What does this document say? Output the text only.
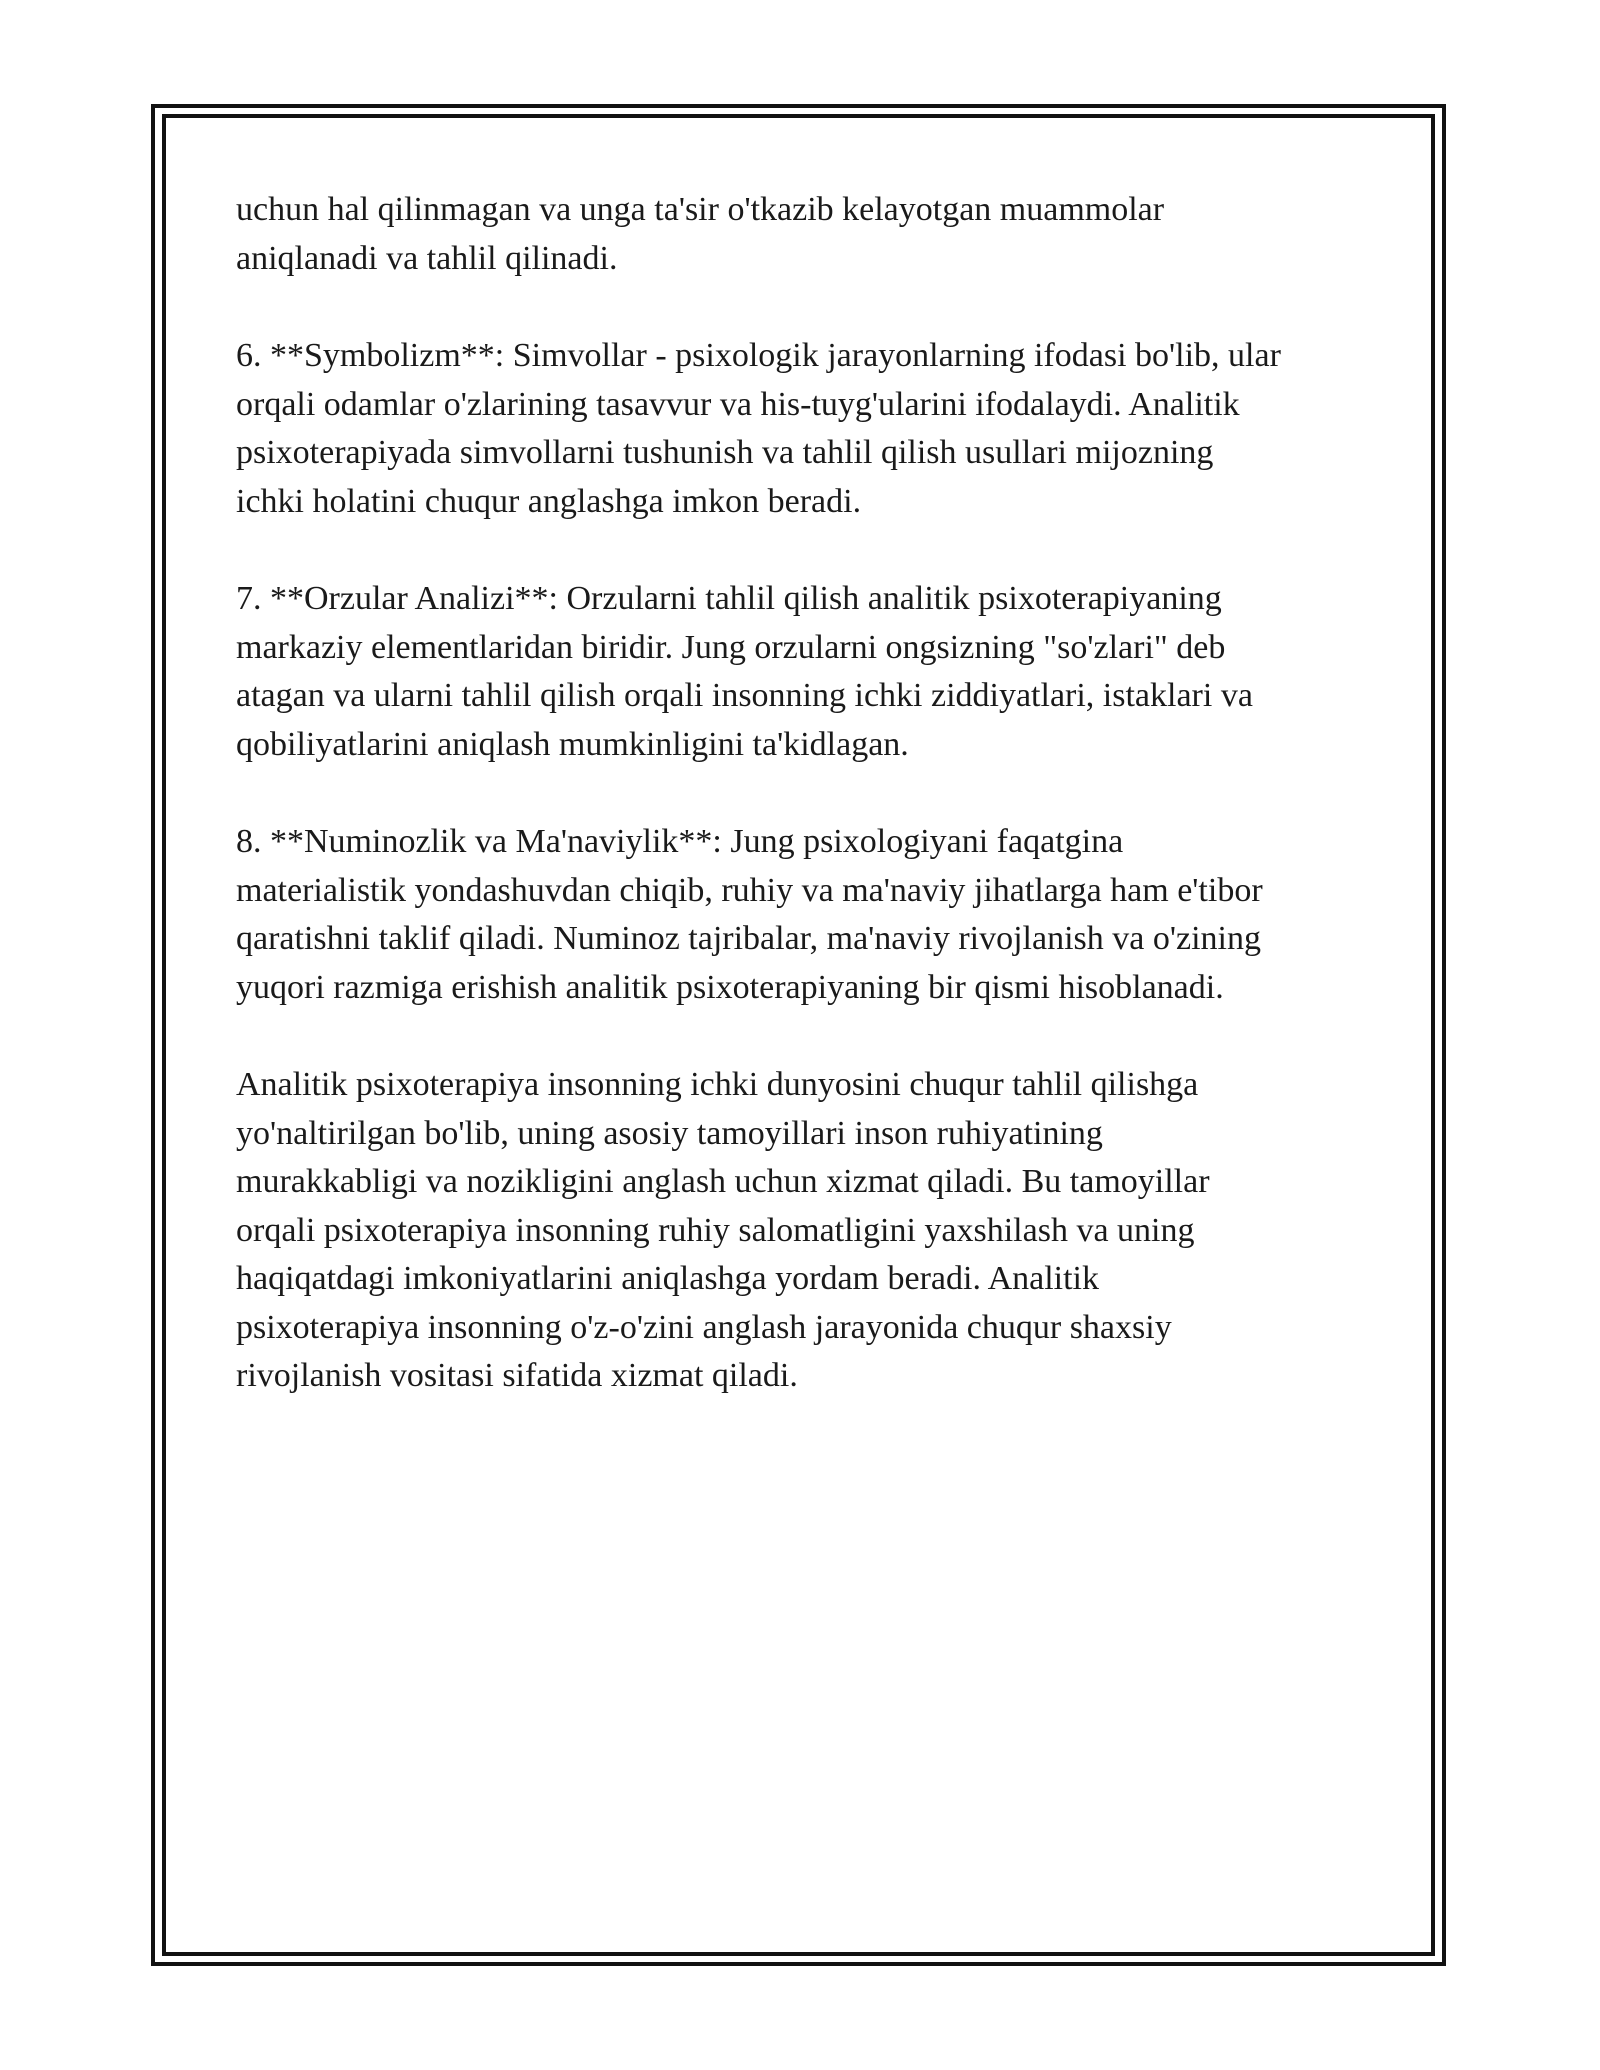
uchun hal qilinmagan va unga ta'sir o'tkazib kelayotgan muammolar
aniqlanadi va tahlil qilinadi.

6. **Symbolizm**: Simvollar - psixologik jarayonlarning ifodasi bo'lib, ular
orqali odamlar o'zlarining tasavvur va his-tuyg'ularini ifodalaydi. Analitik
psixoterapiyada simvollarni tushunish va tahlil qilish usullari mijozning
ichki holatini chuqur anglashga imkon beradi.

7. **Orzular Analizi**: Orzularni tahlil qilish analitik psixoterapiyaning
markaziy elementlaridan biridir. Jung orzularni ongsizning "so'zlari" deb
atagan va ularni tahlil qilish orqali insonning ichki ziddiyatlari, istaklari va
qobiliyatlarini aniqlash mumkinligini ta'kidlagan.

8. **Numinozlik va Ma'naviylik**: Jung psixologiyani faqatgina
materialistik yondashuvdan chiqib, ruhiy va ma'naviy jihatlarga ham e'tibor
qaratishni taklif qiladi. Numinoz tajribalar, ma'naviy rivojlanish va o'zining
yuqori razmiga erishish analitik psixoterapiyaning bir qismi hisoblanadi.

Analitik psixoterapiya insonning ichki dunyosini chuqur tahlil qilishga
yo'naltirilgan bo'lib, uning asosiy tamoyillari inson ruhiyatining
murakkabligi va nozikligini anglash uchun xizmat qiladi. Bu tamoyillar
orqali psixoterapiya insonning ruhiy salomatligini yaxshilash va uning
haqiqatdagi imkoniyatlarini aniqlashga yordam beradi. Analitik
psixoterapiya insonning o'z-o'zini anglash jarayonida chuqur shaxsiy
rivojlanish vositasi sifatida xizmat qiladi.
